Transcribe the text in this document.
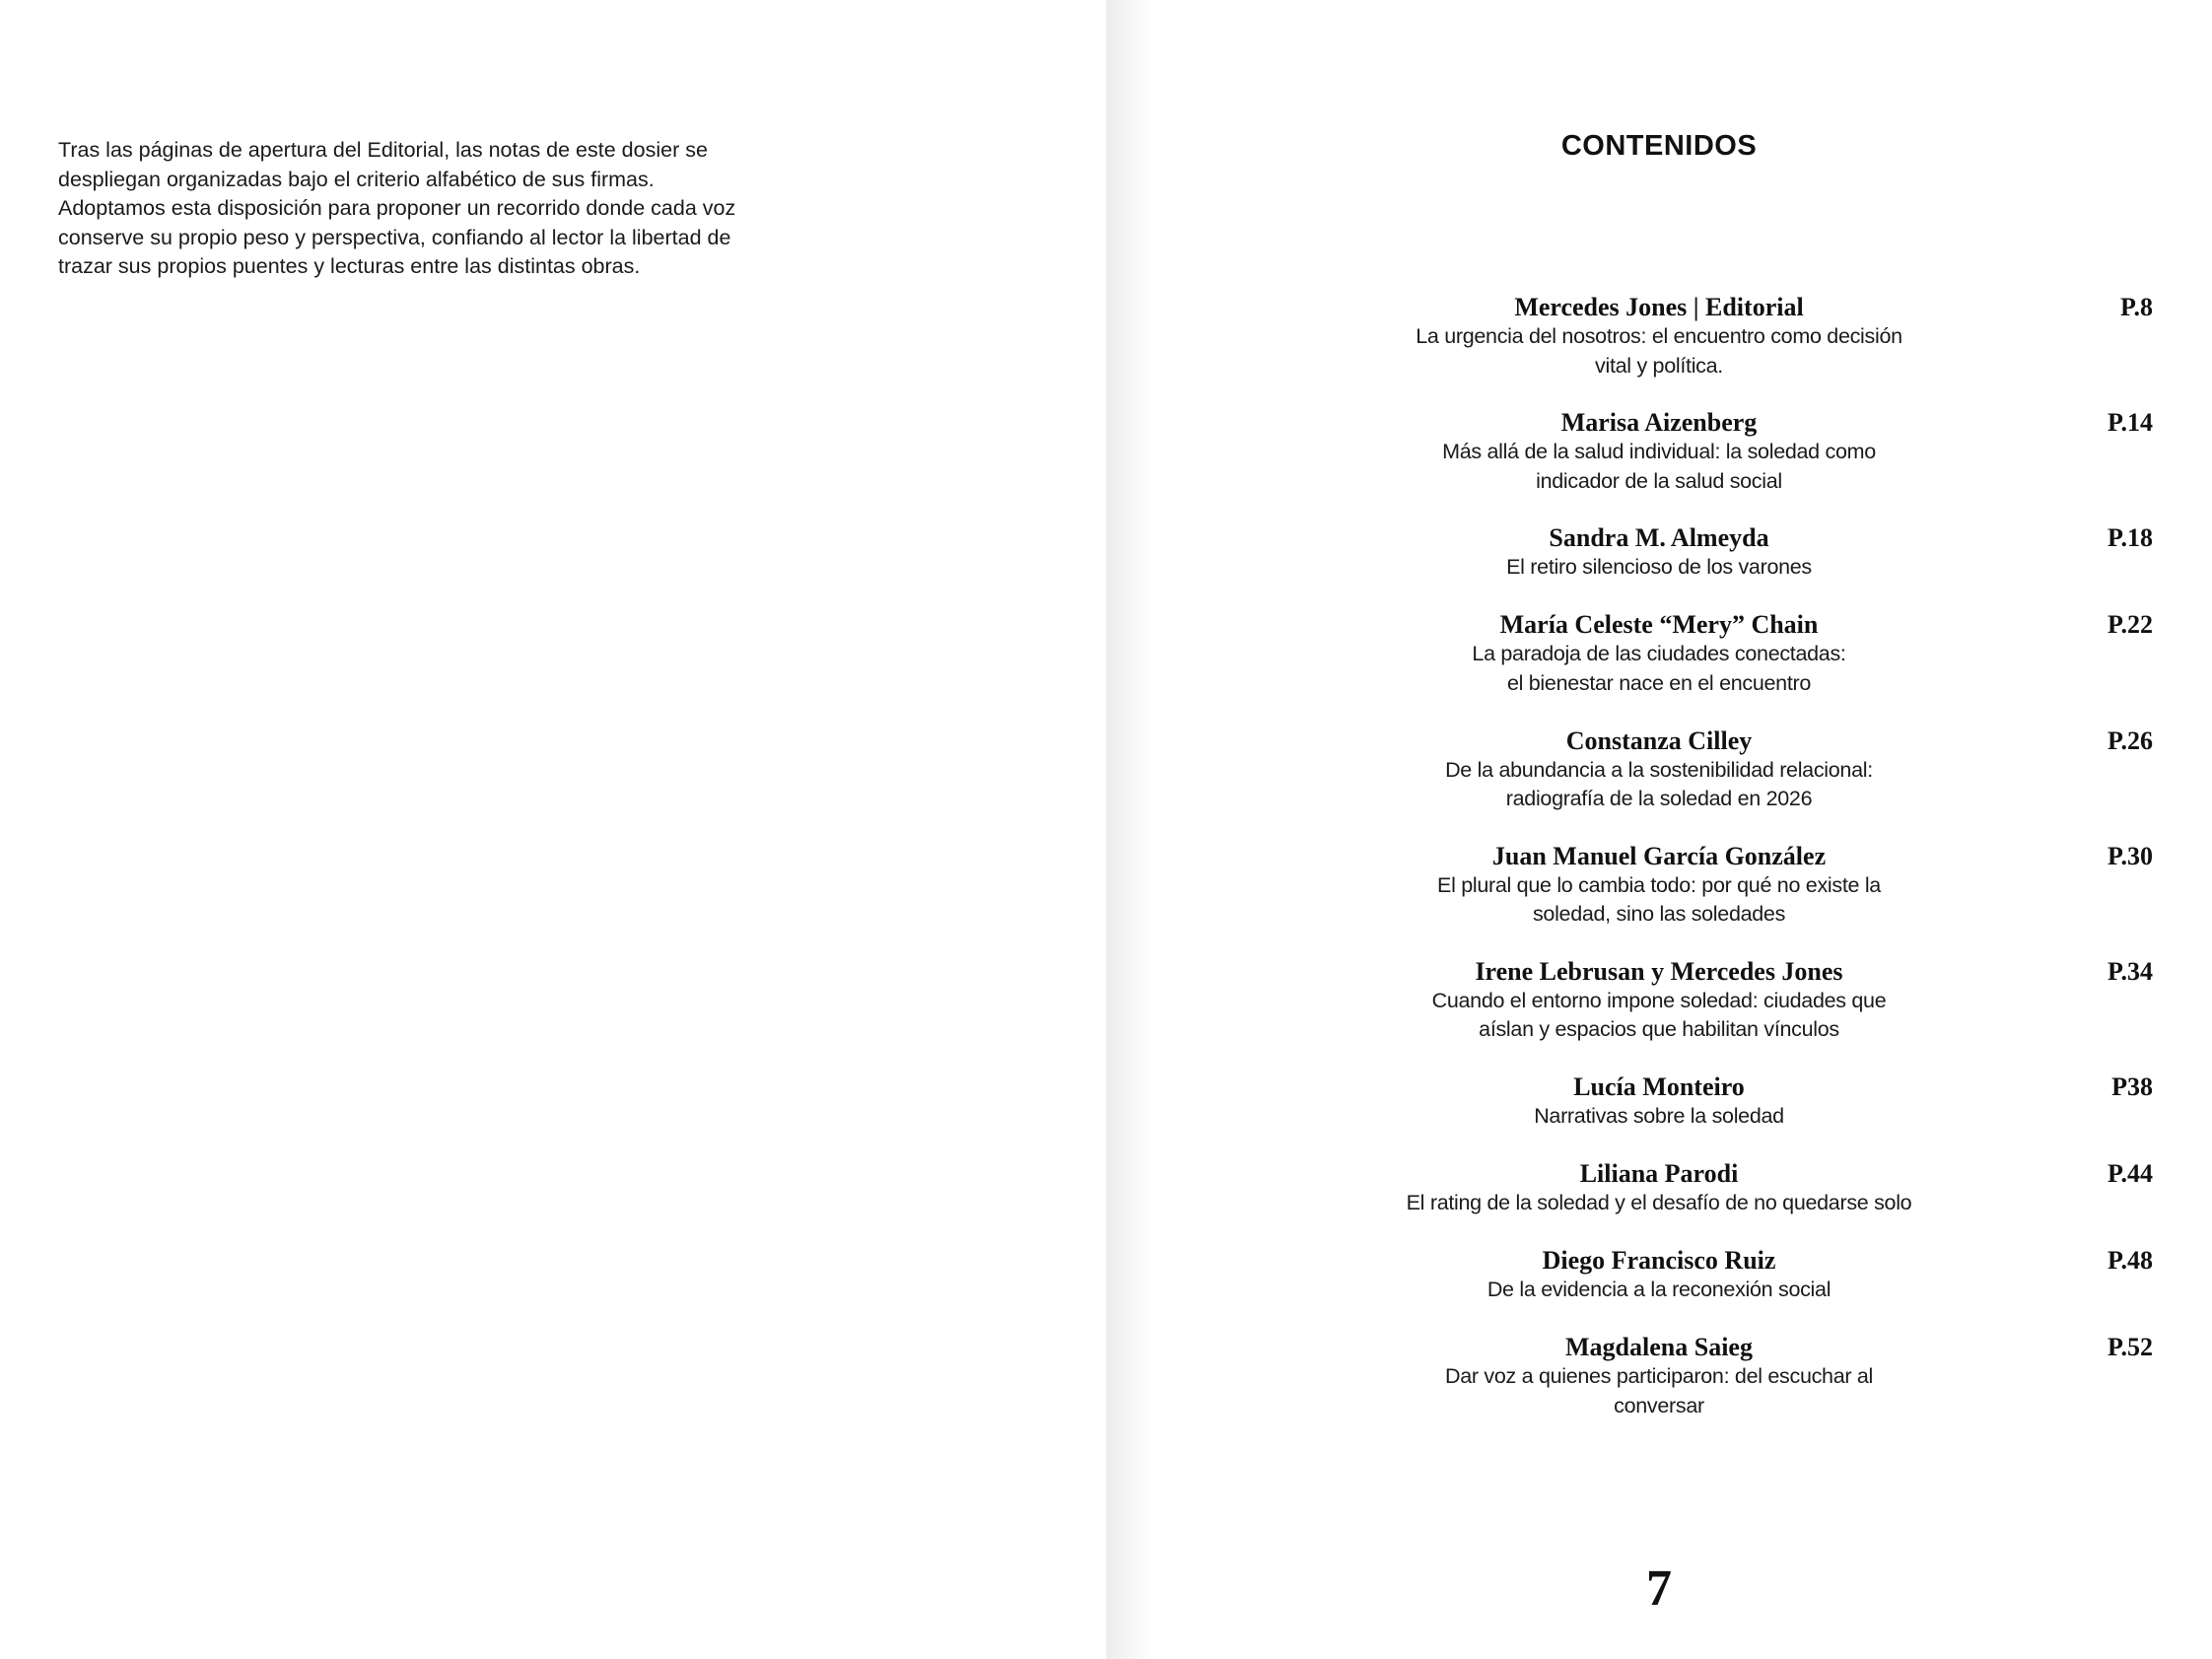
Tras las páginas de apertura del Editorial, las notas de este dosier se

despliegan organizadas bajo el criterio alfabético de sus firmas.

Adoptamos esta disposición para proponer un recorrido donde cada voz

conserve su propio peso y perspectiva, confiando al lector la libertad de

trazar sus propios puentes y lecturas entre las distintas obras.

CONTENIDOS
Mercedes Jones | Editorial
La urgencia del nosotros: el encuentro como decisión
vital y política.
P.8
Marisa Aizenberg
Más allá de la salud individual: la soledad como
indicador de la salud social
P.14
Sandra M. Almeyda
El retiro silencioso de los varones
P.18
María Celeste “Mery” Chain
La paradoja de las ciudades conectadas:
el bienestar nace en el encuentro
P.22
Constanza Cilley
De la abundancia a la sostenibilidad relacional:
radiografía de la soledad en 2026
P.26
Juan Manuel García González
El plural que lo cambia todo: por qué no existe la
soledad, sino las soledades
P.30
Irene Lebrusan y Mercedes Jones
Cuando el entorno impone soledad: ciudades que
aíslan y espacios que habilitan vínculos
P.34
Lucía Monteiro
Narrativas sobre la soledad
P38
Liliana Parodi
El rating de la soledad y el desafío de no quedarse solo
P.44
Diego Francisco Ruiz
De la evidencia a la reconexión social
P.48
Magdalena Saieg
Dar voz a quienes participaron: del escuchar al
conversar
P.52
7
